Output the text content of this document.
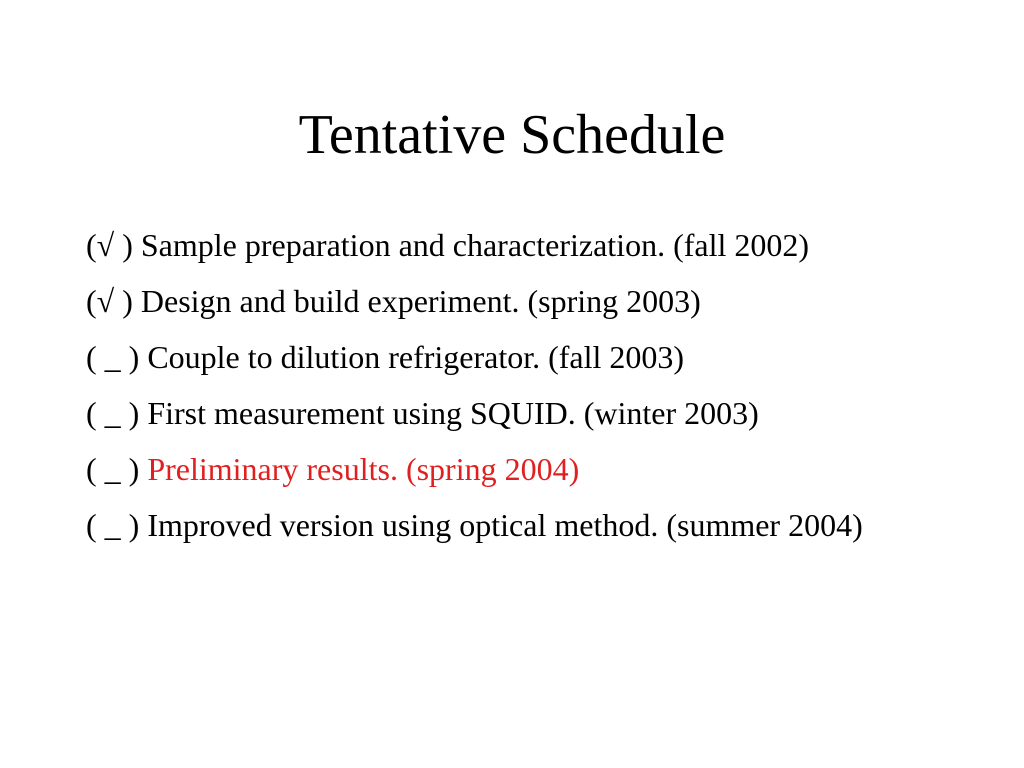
Tentative Schedule
(√ ) Sample preparation and characterization. (fall 2002)
(√ ) Design and build experiment. (spring 2003)
( _ ) Couple to dilution refrigerator. (fall 2003)
( _ ) First measurement using SQUID. (winter 2003)
( _ ) Preliminary results. (spring 2004)
( _ ) Improved version using optical method. (summer 2004)
